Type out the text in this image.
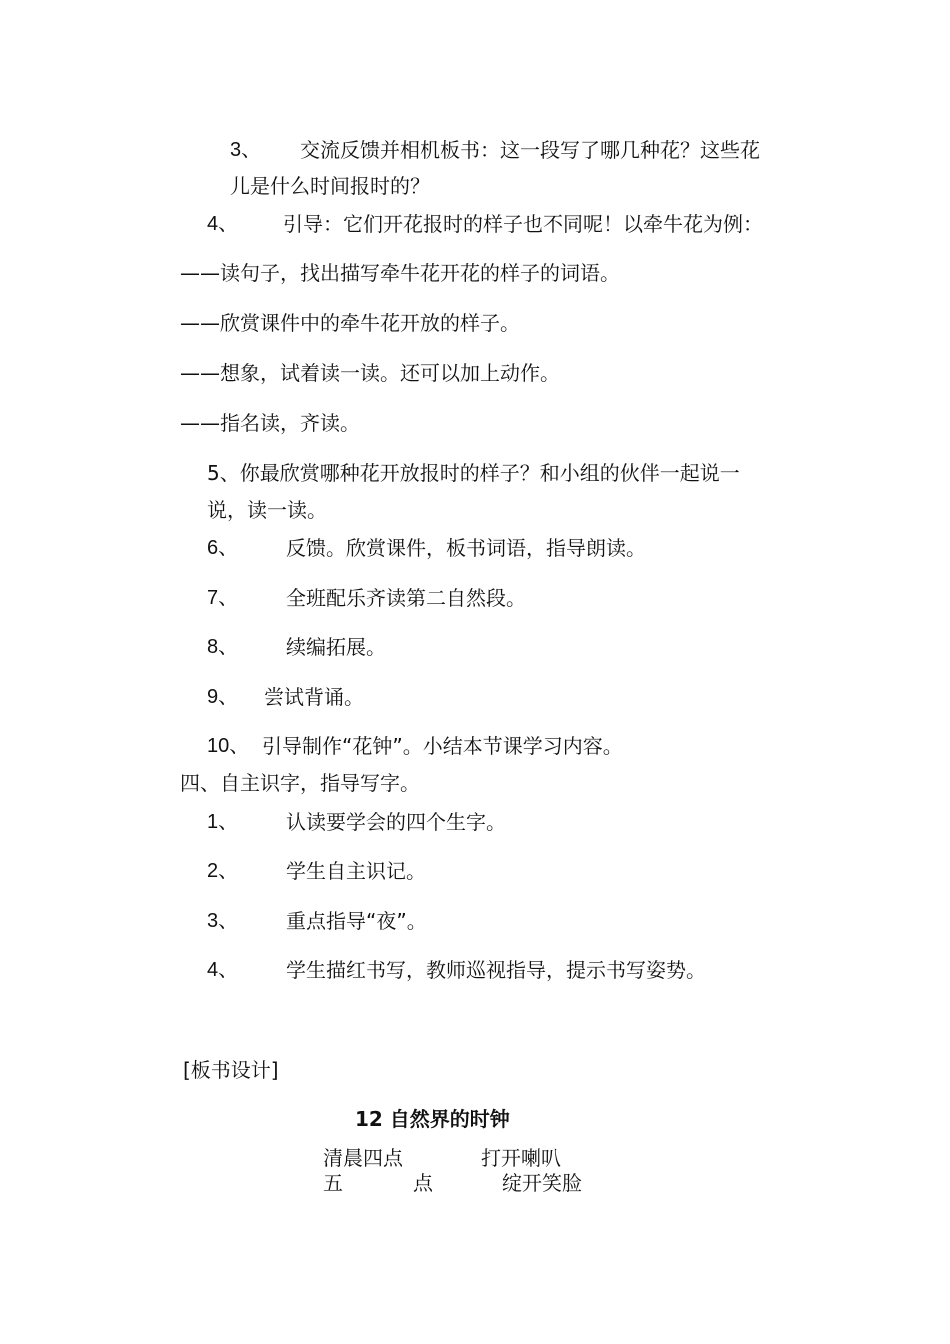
3、 交流反馈并相机板书：这一段写了哪几种花？这些花
儿是什么时间报时的？
4、 引导：它们开花报时的样子也不同呢！以牵牛花为例：
——读句子，找出描写牵牛花开花的样子的词语。
——欣赏课件中的牵牛花开放的样子。
——想象，试着读一读。还可以加上动作。
——指名读，齐读。
5、你最欣赏哪种花开放报时的样子？和小组的伙伴一起说一
说，读一读。
6、 反馈。欣赏课件，板书词语，指导朗读。
7、 全班配乐齐读第二自然段。
8、 续编拓展。
9、 尝试背诵。
10、 引导制作“花钟”。小结本节课学习内容。
四、自主识字，指导写字。
1、 认读要学会的四个生字。
2、 学生自主识记。
3、 重点指导“夜”。
4、 学生描红书写，教师巡视指导，提示书写姿势。
[板书设计]
12 自然界的时钟
清晨四点	打开喇叭
五	点	绽开笑脸
